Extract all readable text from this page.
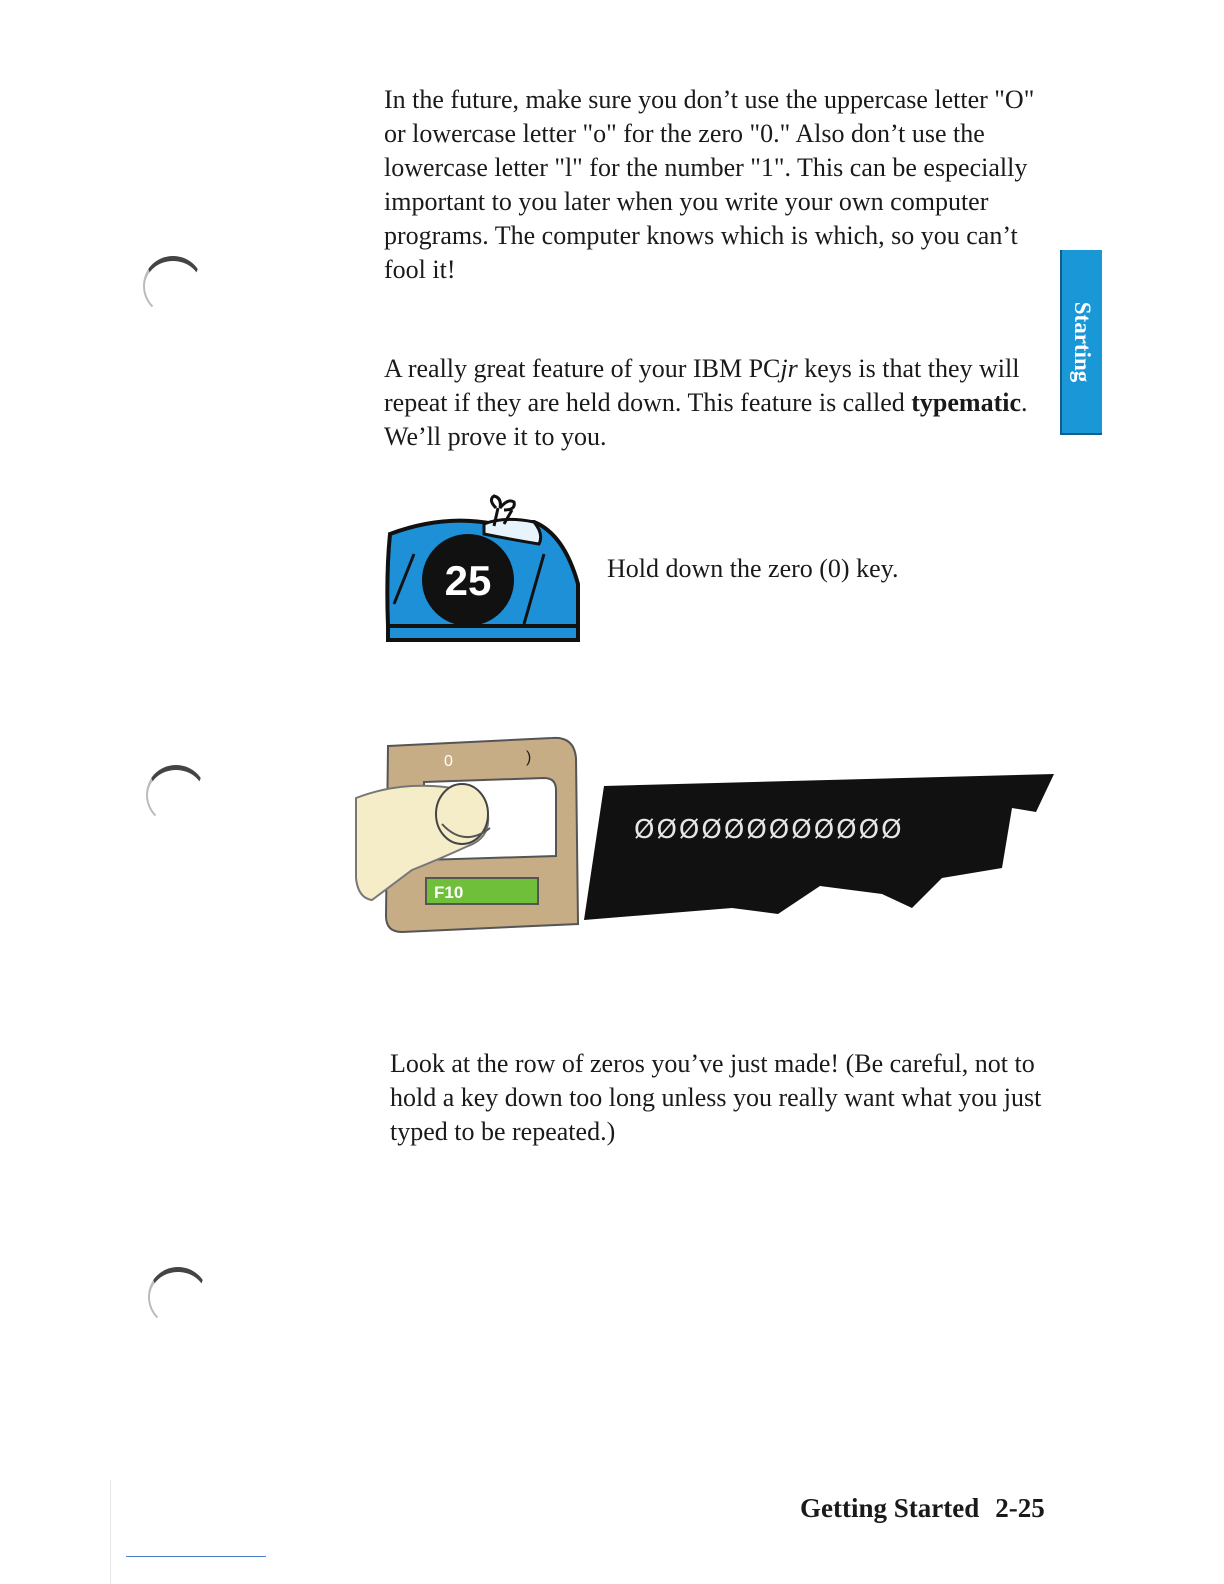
In the future, make sure you don’t use the uppercase letter "O" or lowercase letter "o" for the zero "0." Also don’t use the lowercase letter "l" for the number "1". This can be especially important to you later when you write your own computer programs. The computer knows which is which, so you can’t fool it!

A really great feature of your IBM PCjr keys is that they will repeat if they are held down. This feature is called typematic. We’ll prove it to you.

Starting
25	Hold down the zero (0) key.
F10
0	)
ØØØØØØØØØØØØ

Look at the row of zeros you’ve just made! (Be careful, not to hold a key down too long unless you really want what you just typed to be repeated.)

Getting Started 2-25
